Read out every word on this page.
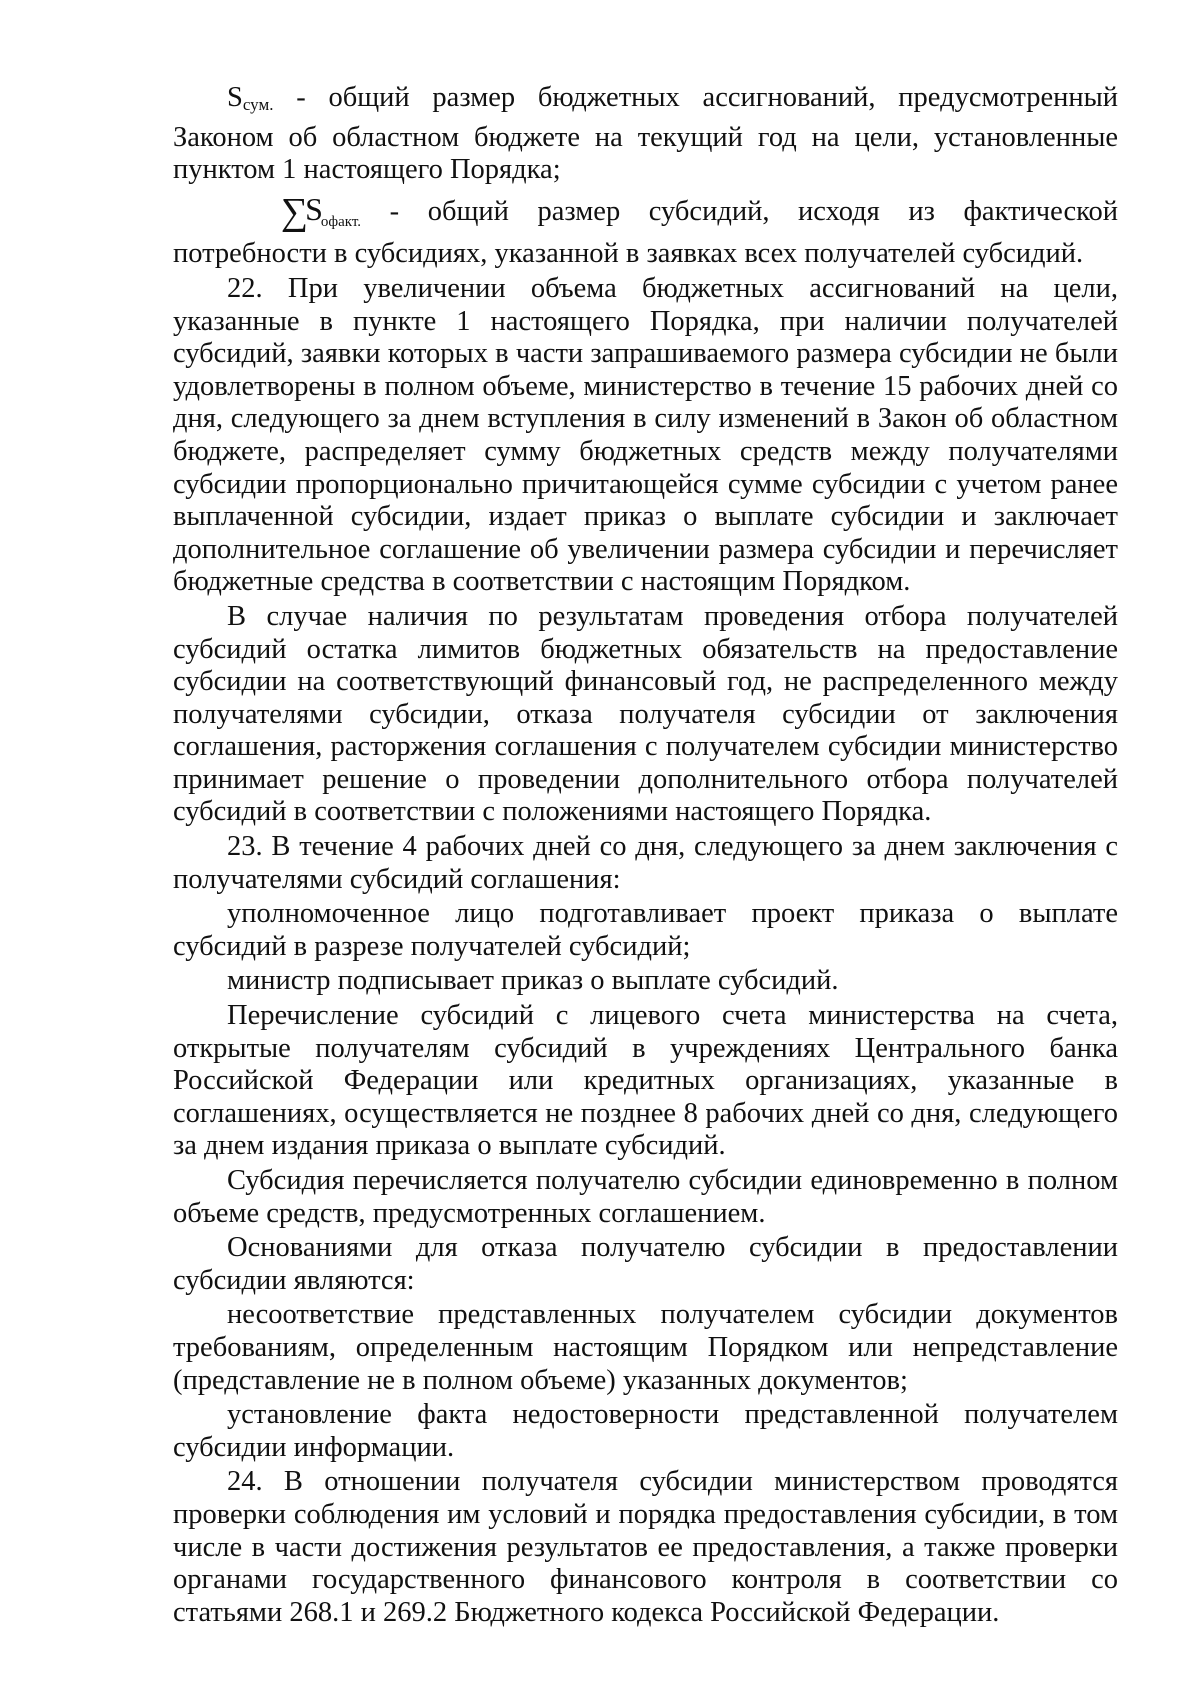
$S_{сум.}$ - общий размер бюджетных ассигнований, предусмотренный Законом об областном бюджете на текущий год на цели, установленные пунктом 1 настоящего Порядка;

$\sum S_{офакт.}$ - общий размер субсидий, исходя из фактической потребности в субсидиях, указанной в заявках всех получателей субсидий.

22. При увеличении объема бюджетных ассигнований на цели, указанные в пункте 1 настоящего Порядка, при наличии получателей субсидий, заявки которых в части запрашиваемого размера субсидии не были удовлетворены в полном объеме, министерство в течение 15 рабочих дней со дня, следующего за днем вступления в силу изменений в Закон об областном бюджете, распределяет сумму бюджетных средств между получателями субсидии пропорционально причитающейся сумме субсидии с учетом ранее выплаченной субсидии, издает приказ о выплате субсидии и заключает дополнительное соглашение об увеличении размера субсидии и перечисляет бюджетные средства в соответствии с настоящим Порядком.

В случае наличия по результатам проведения отбора получателей субсидий остатка лимитов бюджетных обязательств на предоставление субсидии на соответствующий финансовый год, не распределенного между получателями субсидии, отказа получателя субсидии от заключения соглашения, расторжения соглашения с получателем субсидии министерство принимает решение о проведении дополнительного отбора получателей субсидий в соответствии с положениями настоящего Порядка.

23. В течение 4 рабочих дней со дня, следующего за днем заключения с получателями субсидий соглашения:

уполномоченное лицо подготавливает проект приказа о выплате субсидий в разрезе получателей субсидий;

министр подписывает приказ о выплате субсидий.

Перечисление субсидий с лицевого счета министерства на счета, открытые получателям субсидий в учреждениях Центрального банка Российской Федерации или кредитных организациях, указанные в соглашениях, осуществляется не позднее 8 рабочих дней со дня, следующего за днем издания приказа о выплате субсидий.

Субсидия перечисляется получателю субсидии единовременно в полном объеме средств, предусмотренных соглашением.

Основаниями для отказа получателю субсидии в предоставлении субсидии являются:

несоответствие представленных получателем субсидии документов требованиям, определенным настоящим Порядком или непредставление (представление не в полном объеме) указанных документов;

установление факта недостоверности представленной получателем субсидии информации.

24. В отношении получателя субсидии министерством проводятся проверки соблюдения им условий и порядка предоставления субсидии, в том числе в части достижения результатов ее предоставления, а также проверки органами государственного финансового контроля в соответствии со статьями 268.1 и 269.2 Бюджетного кодекса Российской Федерации.
